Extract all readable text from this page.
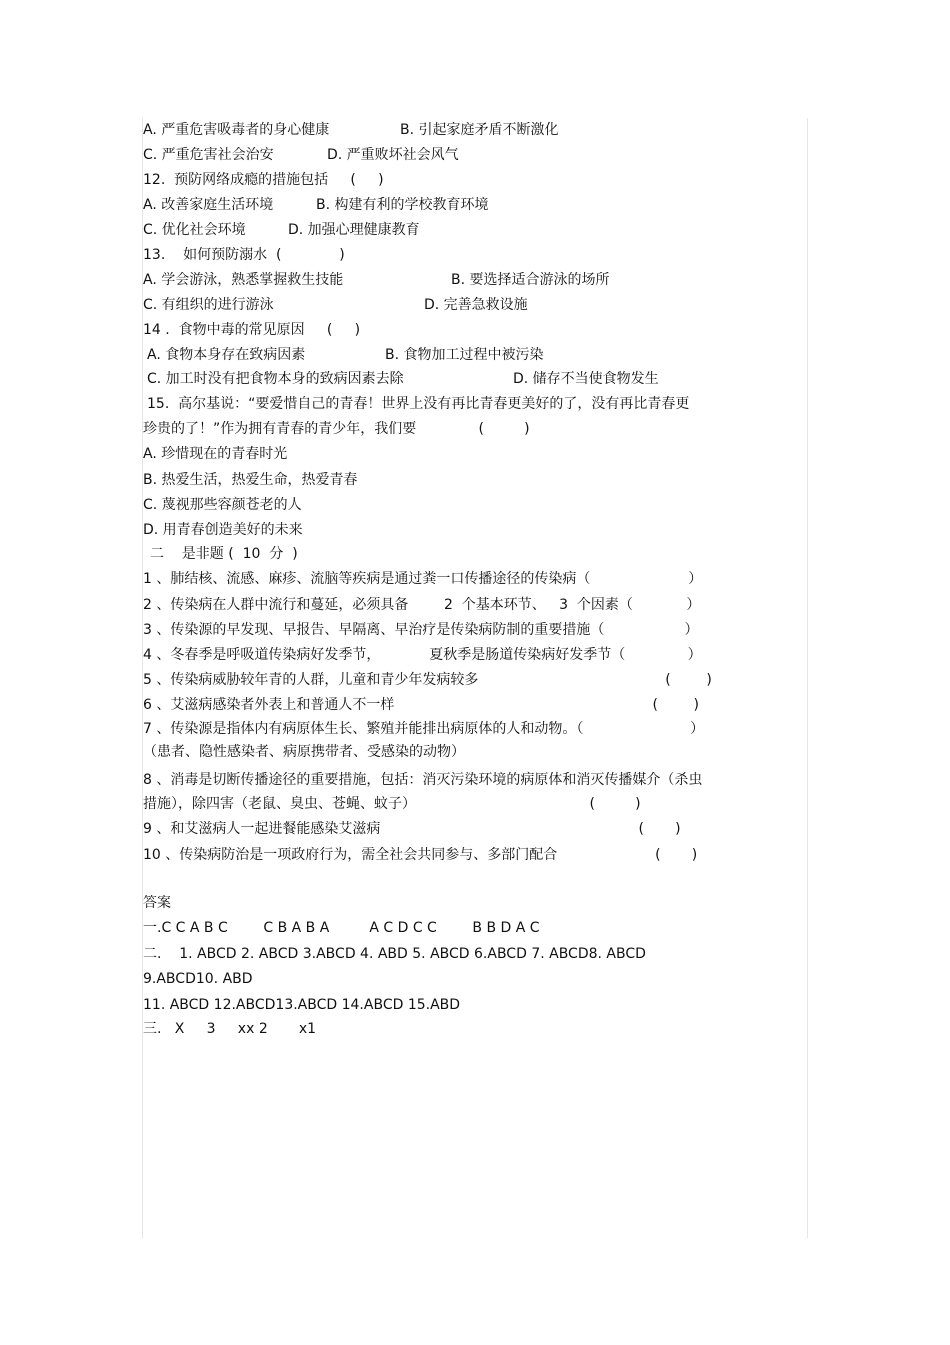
A. 严重危害吸毒者的身心健康	B. 引起家庭矛盾不断激化
C. 严重危害社会治安	D. 严重败坏社会风气
12.  预防网络成瘾的措施包括     (     )
A. 改善家庭生活环境	B. 构建有利的学校教育环境
C. 优化社会环境	D. 加强心理健康教育
13.    如何预防溺水  (             )
A. 学会游泳，熟悉掌握救生技能	B. 要选择适合游泳的场所
C. 有组织的进行游泳	D. 完善急救设施
14 .  食物中毒的常见原因     (     )
A. 食物本身存在致病因素	B. 食物加工过程中被污染
C. 加工时没有把食物本身的致病因素去除	D. 储存不当使食物发生
15.  高尔基说：“要爱惜自己的青春！世界上没有再比青春更美好的了，没有再比青春更
珍贵的了！”作为拥有青春的青少年，我们要              (         )
A. 珍惜现在的青春时光
B. 热爱生活，热爱生命，热爱青春
C. 蔑视那些容颜苍老的人
D. 用青春创造美好的未来
二    是非题 (  10  分  )
1 、肺结核、流感、麻疹、流脑等疾病是通过粪一口传播途径的传染病（                      ）
2 、传染病在人群中流行和蔓延，必须具备        2  个基本环节、   3  个因素（            ）
3 、传染源的早发现、早报告、早隔离、早治疗是传染病防制的重要措施（                  ）
4 、冬春季是呼吸道传染病好发季节，           夏秋季是肠道传染病好发季节（              ）
5 、传染病威胁较年青的人群，儿童和青少年发病较多                                          (        )
6 、艾滋病感染者外表上和普通人不一样                                                          (        )
7 、传染源是指体内有病原体生长、繁殖并能排出病原体的人和动物。（                        ）
（患者、隐性感染者、病原携带者、受感染的动物）
8 、消毒是切断传播途径的重要措施，包括：消灭污染环境的病原体和消灭传播媒介（杀虫
措施），除四害（老鼠、臭虫、苍蝇、蚊子）                                       (         )
9 、和艾滋病人一起进餐能感染艾滋病                                                          (       )
10 、传染病防治是一项政府行为，需全社会共同参与、多部门配合                      (       )
答案
一.C C A B C        C B A B A         A C D C C        B B D A C
二.    1. ABCD 2. ABCD 3.ABCD 4. ABD 5. ABCD 6.ABCD 7. ABCD8. ABCD
9.ABCD10. ABD
11. ABCD 12.ABCD13.ABCD 14.ABCD 15.ABD
三.   X     3     xx 2       x1
